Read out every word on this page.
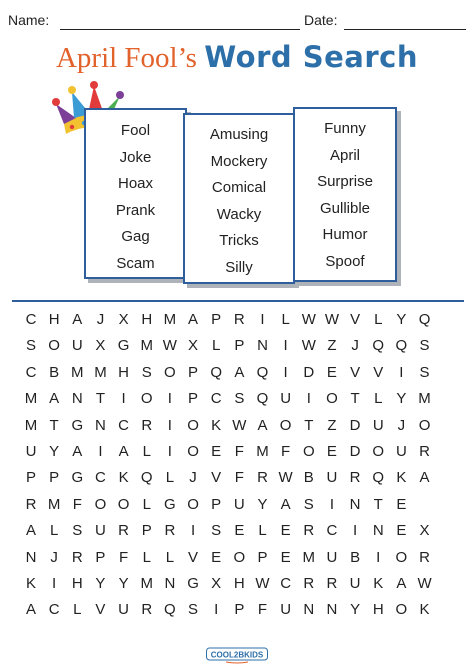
Name:	Date:
April Fool’s Word Search
Fool
Joke
Hoax
Prank
Gag
Scam
Amusing
Mockery
Comical
Wacky
Tricks
Silly
Funny
April
Surprise
Gullible
Humor
Spoof
C H A J X H M A P R	I	L W W V L Y Q
S O U X G M W X L P N	I W Z J Q Q S
C B M M H S O P Q A Q	I	D E V V	I	S
M A N T	I	O	I	P C S Q U	I	O T L Y M
M T G N C R	I	O K W A O T Z D U J O
U Y A	I	A L	I	O E F M F O E D O U R
P P G C K Q L	J V F R W B U R Q K A
R M F O O L G O P U Y A S	I	N T E
A L S U R P R	I	S E L E R C	I	N E X
N J R P F L L V E O P E M U B	I	O R
K	I	H Y Y M N G X H W C R R U K A W
A C L V U R Q S	I	P F U N N Y H O K
COOL2BKIDS
